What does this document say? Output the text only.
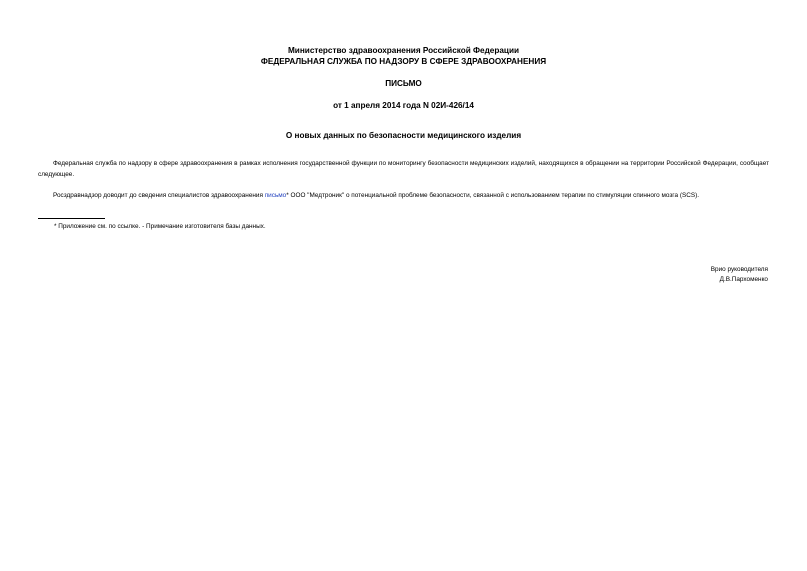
Министерство здравоохранения Российской Федерации
ФЕДЕРАЛЬНАЯ СЛУЖБА ПО НАДЗОРУ В СФЕРЕ ЗДРАВООХРАНЕНИЯ
ПИСЬМО
от 1 апреля 2014 года N 02И-426/14
О новых данных по безопасности медицинского изделия
Федеральная служба по надзору в сфере здравоохранения в рамках исполнения государственной функции по мониторингу безопасности медицинских изделий, находящихся в обращении на территории Российской Федерации, сообщает следующее.
Росздравнадзор доводит до сведения специалистов здравоохранения письмо* ООО "Медтроник" о потенциальной проблеме безопасности, связанной с использованием терапии по стимуляции спинного мозга (SCS).
* Приложение см. по ссылке. - Примечание изготовителя базы данных.
Врио руководителя
Д.В.Пархоменко
